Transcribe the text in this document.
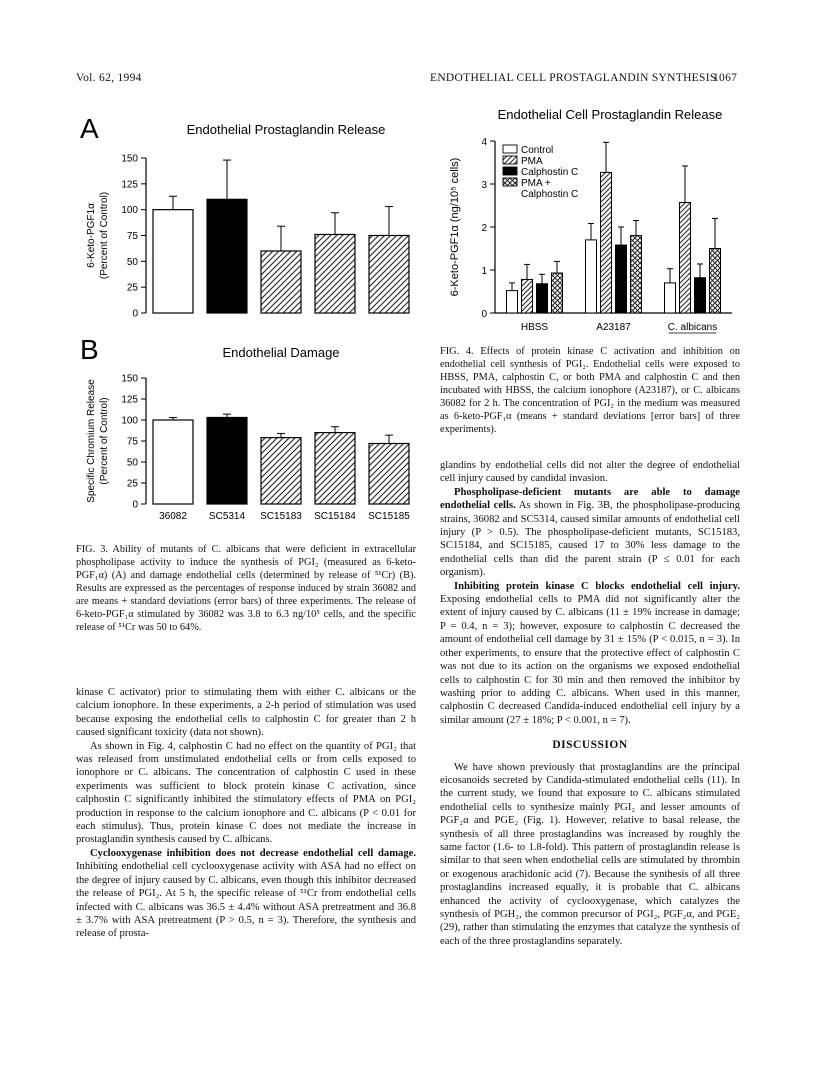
Vol. 62, 1994	ENDOTHELIAL CELL PROSTAGLANDIN SYNTHESIS
1067
A	Endothelial Prostaglandin Release
0
25
50
75
100
125
150
6-Keto-PGF1α (Percent of Control)
B	Endothelial Damage
0
25
50
75
100
125
150
36082 SC5314 SC15183 SC15184 SC15185
Specific Chromium Release (Percent of Control)
FIG. 3. Ability of mutants of C. albicans that were deficient in extracellular phospholipase activity to induce the synthesis of PGI₂ (measured as 6-keto-PGF₁α) (A) and damage endothelial cells (determined by release of ⁵¹Cr) (B). Results are expressed as the percentages of response induced by strain 36082 and are means + standard deviations (error bars) of three experiments. The release of 6-keto-PGF₁α stimulated by 36082 was 3.8 to 6.3 ng/10⁵ cells, and the specific release of ⁵¹Cr was 50 to 64%.

kinase C activator) prior to stimulating them with either C. albicans or the calcium ionophore. In these experiments, a 2-h period of stimulation was used because exposing the endothelial cells to calphostin C for greater than 2 h caused significant toxicity (data not shown).

As shown in Fig. 4, calphostin C had no effect on the quantity of PGI₂ that was released from unstimulated endothelial cells or from cells exposed to ionophore or C. albicans. The concentration of calphostin C used in these experiments was sufficient to block protein kinase C activation, since calphostin C significantly inhibited the stimulatory effects of PMA on PGI₂ production in response to the calcium ionophore and C. albicans (P < 0.01 for each stimulus). Thus, protein kinase C does not mediate the increase in prostaglandin synthesis caused by C. albicans.

Cyclooxygenase inhibition does not decrease endothelial cell damage. Inhibiting endothelial cell cyclooxygenase activity with ASA had no effect on the degree of injury caused by C. albicans, even though this inhibitor decreased the release of PGI₂. At 5 h, the specific release of ⁵¹Cr from endothelial cells infected with C. albicans was 36.5 ± 4.4% without ASA pretreatment and 36.8 ± 3.7% with ASA pretreatment (P > 0.5, n = 3). Therefore, the synthesis and release of prosta-

Endothelial Cell Prostaglandin Release
0
1
2
3
4
6-Keto-PGF1α (ng/10⁵ cells)
HBSS	A23187	C. albicans
Control
PMA
Calphostin C
PMA +
Calphostin C
FIG. 4. Effects of protein kinase C activation and inhibition on endothelial cell synthesis of PGI₂. Endothelial cells were exposed to HBSS, PMA, calphostin C, or both PMA and calphostin C and then incubated with HBSS, the calcium ionophore (A23187), or C. albicans 36082 for 2 h. The concentration of PGI₂ in the medium was measured as 6-keto-PGF₁α (means + standard deviations [error bars] of three experiments).

glandins by endothelial cells did not alter the degree of endothelial cell injury caused by candidal invasion.

Phospholipase-deficient mutants are able to damage endothelial cells. As shown in Fig. 3B, the phospholipase-producing strains, 36082 and SC5314, caused similar amounts of endothelial cell injury (P > 0.5). The phospholipase-deficient mutants, SC15183, SC15184, and SC15185, caused 17 to 30% less damage to the endothelial cells than did the parent strain (P ≤ 0.01 for each organism).

Inhibiting protein kinase C blocks endothelial cell injury. Exposing endothelial cells to PMA did not significantly alter the extent of injury caused by C. albicans (11 ± 19% increase in damage; P = 0.4, n = 3); however, exposure to calphostin C decreased the amount of endothelial cell damage by 31 ± 15% (P < 0.015, n = 3). In other experiments, to ensure that the protective effect of calphostin C was not due to its action on the organisms we exposed endothelial cells to calphostin C for 30 min and then removed the inhibitor by washing prior to adding C. albicans. When used in this manner, calphostin C decreased Candida-induced endothelial cell injury by a similar amount (27 ± 18%; P < 0.001, n = 7).

DISCUSSION

We have shown previously that prostaglandins are the principal eicosanoids secreted by Candida-stimulated endothelial cells (11). In the current study, we found that exposure to C. albicans stimulated endothelial cells to synthesize mainly PGI₂ and lesser amounts of PGF₂α and PGE₂ (Fig. 1). However, relative to basal release, the synthesis of all three prostaglandins was increased by roughly the same factor (1.6- to 1.8-fold). This pattern of prostaglandin release is similar to that seen when endothelial cells are stimulated by thrombin or exogenous arachidonic acid (7). Because the synthesis of all three prostaglandins increased equally, it is probable that C. albicans enhanced the activity of cyclooxygenase, which catalyzes the synthesis of PGH₂, the common precursor of PGI₂, PGF₂α, and PGE₂ (29), rather than stimulating the enzymes that catalyze the synthesis of each of the three prostaglandins separately.
